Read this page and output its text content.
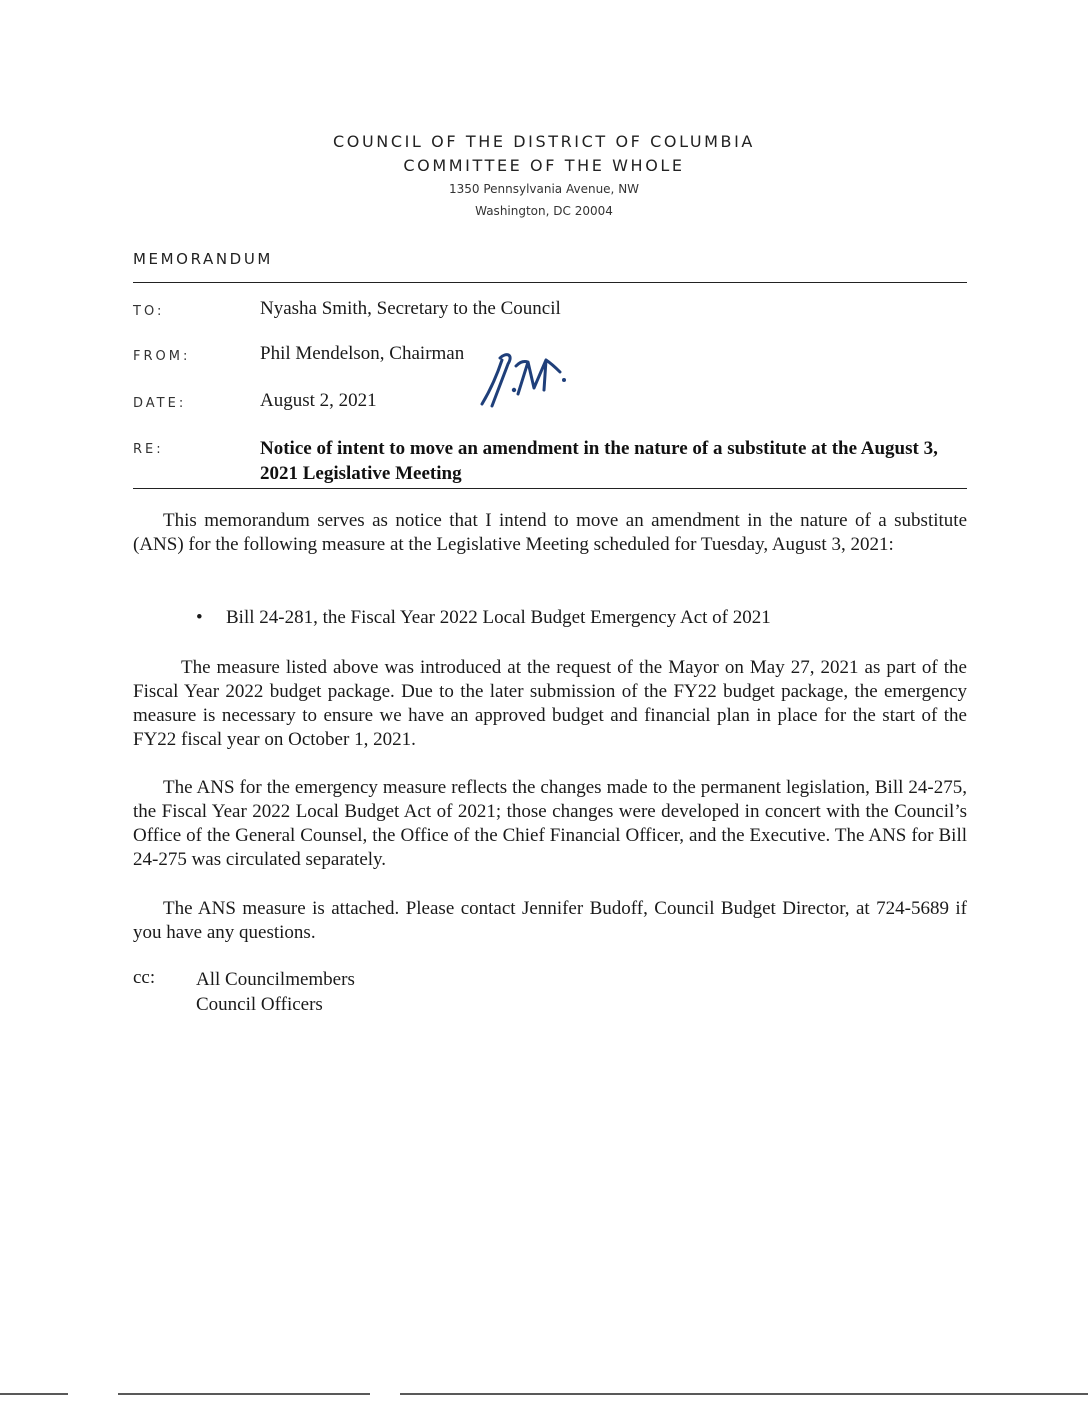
COUNCIL OF THE DISTRICT OF COLUMBIA
COMMITTEE OF THE WHOLE
1350 Pennsylvania Avenue, NW
Washington, DC 20004
MEMORANDUM
TO:	Nyasha Smith, Secretary to the Council
FROM:	Phil Mendelson, Chairman
DATE:	August 2, 2021
RE:	Notice of intent to move an amendment in the nature of a substitute at the August 3, 2021 Legislative Meeting
This memorandum serves as notice that I intend to move an amendment in the nature of a substitute (ANS) for the following measure at the Legislative Meeting scheduled for Tuesday, August 3, 2021:
• Bill 24-281, the Fiscal Year 2022 Local Budget Emergency Act of 2021
The measure listed above was introduced at the request of the Mayor on May 27, 2021 as part of the Fiscal Year 2022 budget package. Due to the later submission of the FY22 budget package, the emergency measure is necessary to ensure we have an approved budget and financial plan in place for the start of the FY22 fiscal year on October 1, 2021.
The ANS for the emergency measure reflects the changes made to the permanent legislation, Bill 24-275, the Fiscal Year 2022 Local Budget Act of 2021; those changes were developed in concert with the Council’s Office of the General Counsel, the Office of the Chief Financial Officer, and the Executive. The ANS for Bill 24-275 was circulated separately.
The ANS measure is attached. Please contact Jennifer Budoff, Council Budget Director, at 724-5689 if you have any questions.
cc: All Councilmembers
Council Officers
